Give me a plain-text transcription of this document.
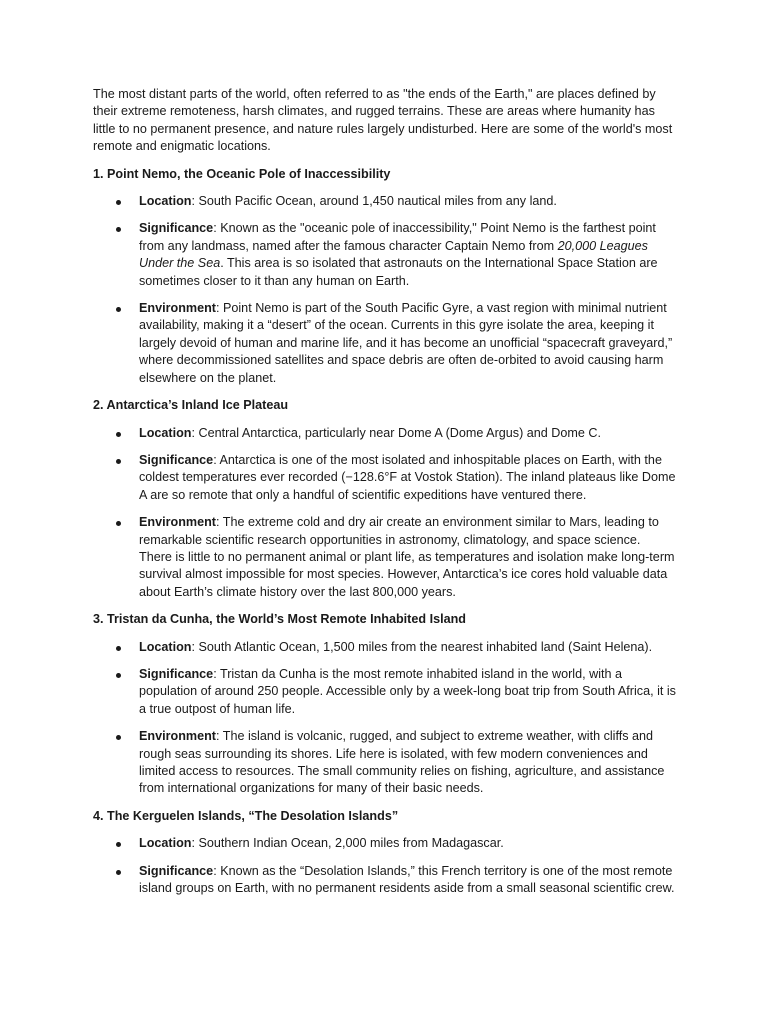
The most distant parts of the world, often referred to as "the ends of the Earth," are places defined by their extreme remoteness, harsh climates, and rugged terrains. These are areas where humanity has little to no permanent presence, and nature rules largely undisturbed. Here are some of the world's most remote and enigmatic locations.

1. Point Nemo, the Oceanic Pole of Inaccessibility

Location: South Pacific Ocean, around 1,450 nautical miles from any land.
Significance: Known as the "oceanic pole of inaccessibility," Point Nemo is the farthest point from any landmass, named after the famous character Captain Nemo from 20,000 Leagues Under the Sea. This area is so isolated that astronauts on the International Space Station are sometimes closer to it than any human on Earth.
Environment: Point Nemo is part of the South Pacific Gyre, a vast region with minimal nutrient availability, making it a “desert” of the ocean. Currents in this gyre isolate the area, keeping it largely devoid of human and marine life, and it has become an unofficial “spacecraft graveyard,” where decommissioned satellites and space debris are often de-orbited to avoid causing harm elsewhere on the planet.

2. Antarctica’s Inland Ice Plateau

Location: Central Antarctica, particularly near Dome A (Dome Argus) and Dome C.
Significance: Antarctica is one of the most isolated and inhospitable places on Earth, with the coldest temperatures ever recorded (−128.6°F at Vostok Station). The inland plateaus like Dome A are so remote that only a handful of scientific expeditions have ventured there.
Environment: The extreme cold and dry air create an environment similar to Mars, leading to remarkable scientific research opportunities in astronomy, climatology, and space science. There is little to no permanent animal or plant life, as temperatures and isolation make long-term survival almost impossible for most species. However, Antarctica’s ice cores hold valuable data about Earth’s climate history over the last 800,000 years.

3. Tristan da Cunha, the World’s Most Remote Inhabited Island

Location: South Atlantic Ocean, 1,500 miles from the nearest inhabited land (Saint Helena).
Significance: Tristan da Cunha is the most remote inhabited island in the world, with a population of around 250 people. Accessible only by a week-long boat trip from South Africa, it is a true outpost of human life.
Environment: The island is volcanic, rugged, and subject to extreme weather, with cliffs and rough seas surrounding its shores. Life here is isolated, with few modern conveniences and limited access to resources. The small community relies on fishing, agriculture, and assistance from international organizations for many of their basic needs.

4. The Kerguelen Islands, “The Desolation Islands”

Location: Southern Indian Ocean, 2,000 miles from Madagascar.
Significance: Known as the “Desolation Islands,” this French territory is one of the most remote island groups on Earth, with no permanent residents aside from a small seasonal scientific crew.
